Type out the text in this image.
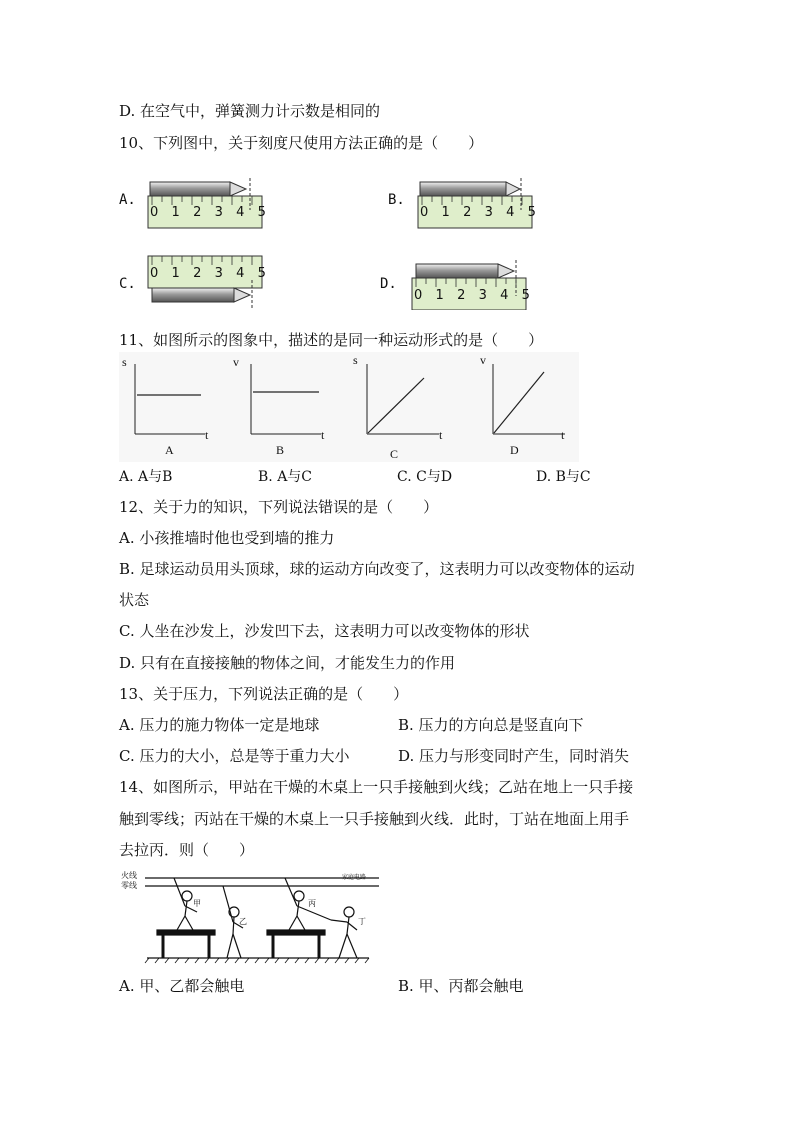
D. 在空气中，弹簧测力计示数是相同的
10、下列图中，关于刻度尺使用方法正确的是（　　）
A.	B.
C.	D.
0 1 2 3 4 5	0 1 2 3 4 5
0 1 2 3 4 5
0 1 2 3 4 5
11、如图所示的图象中，描述的是同一种运动形式的是（　　）
s
t
A
v
t
B
s
t
C
v
t
D
A. A与B	B. A与C	C. C与D	D. B与C
12、关于力的知识，下列说法错误的是（　　）
A. 小孩推墙时他也受到墙的推力
B. 足球运动员用头顶球，球的运动方向改变了，这表明力可以改变物体的运动
状态
C. 人坐在沙发上，沙发凹下去，这表明力可以改变物体的形状
D. 只有在直接接触的物体之间，才能发生力的作用
13、关于压力，下列说法正确的是（　　）
A. 压力的施力物体一定是地球	B. 压力的方向总是竖直向下
C. 压力的大小，总是等于重力大小	D. 压力与形变同时产生，同时消失
14、如图所示，甲站在干燥的木桌上一只手接触到火线；乙站在地上一只手接
触到零线；丙站在干燥的木桌上一只手接触到火线．此时，丁站在地面上用手
去拉丙．则（　　）
火线
零线
家庭电路
甲
乙
丙
丁
A. 甲、乙都会触电	B. 甲、丙都会触电
